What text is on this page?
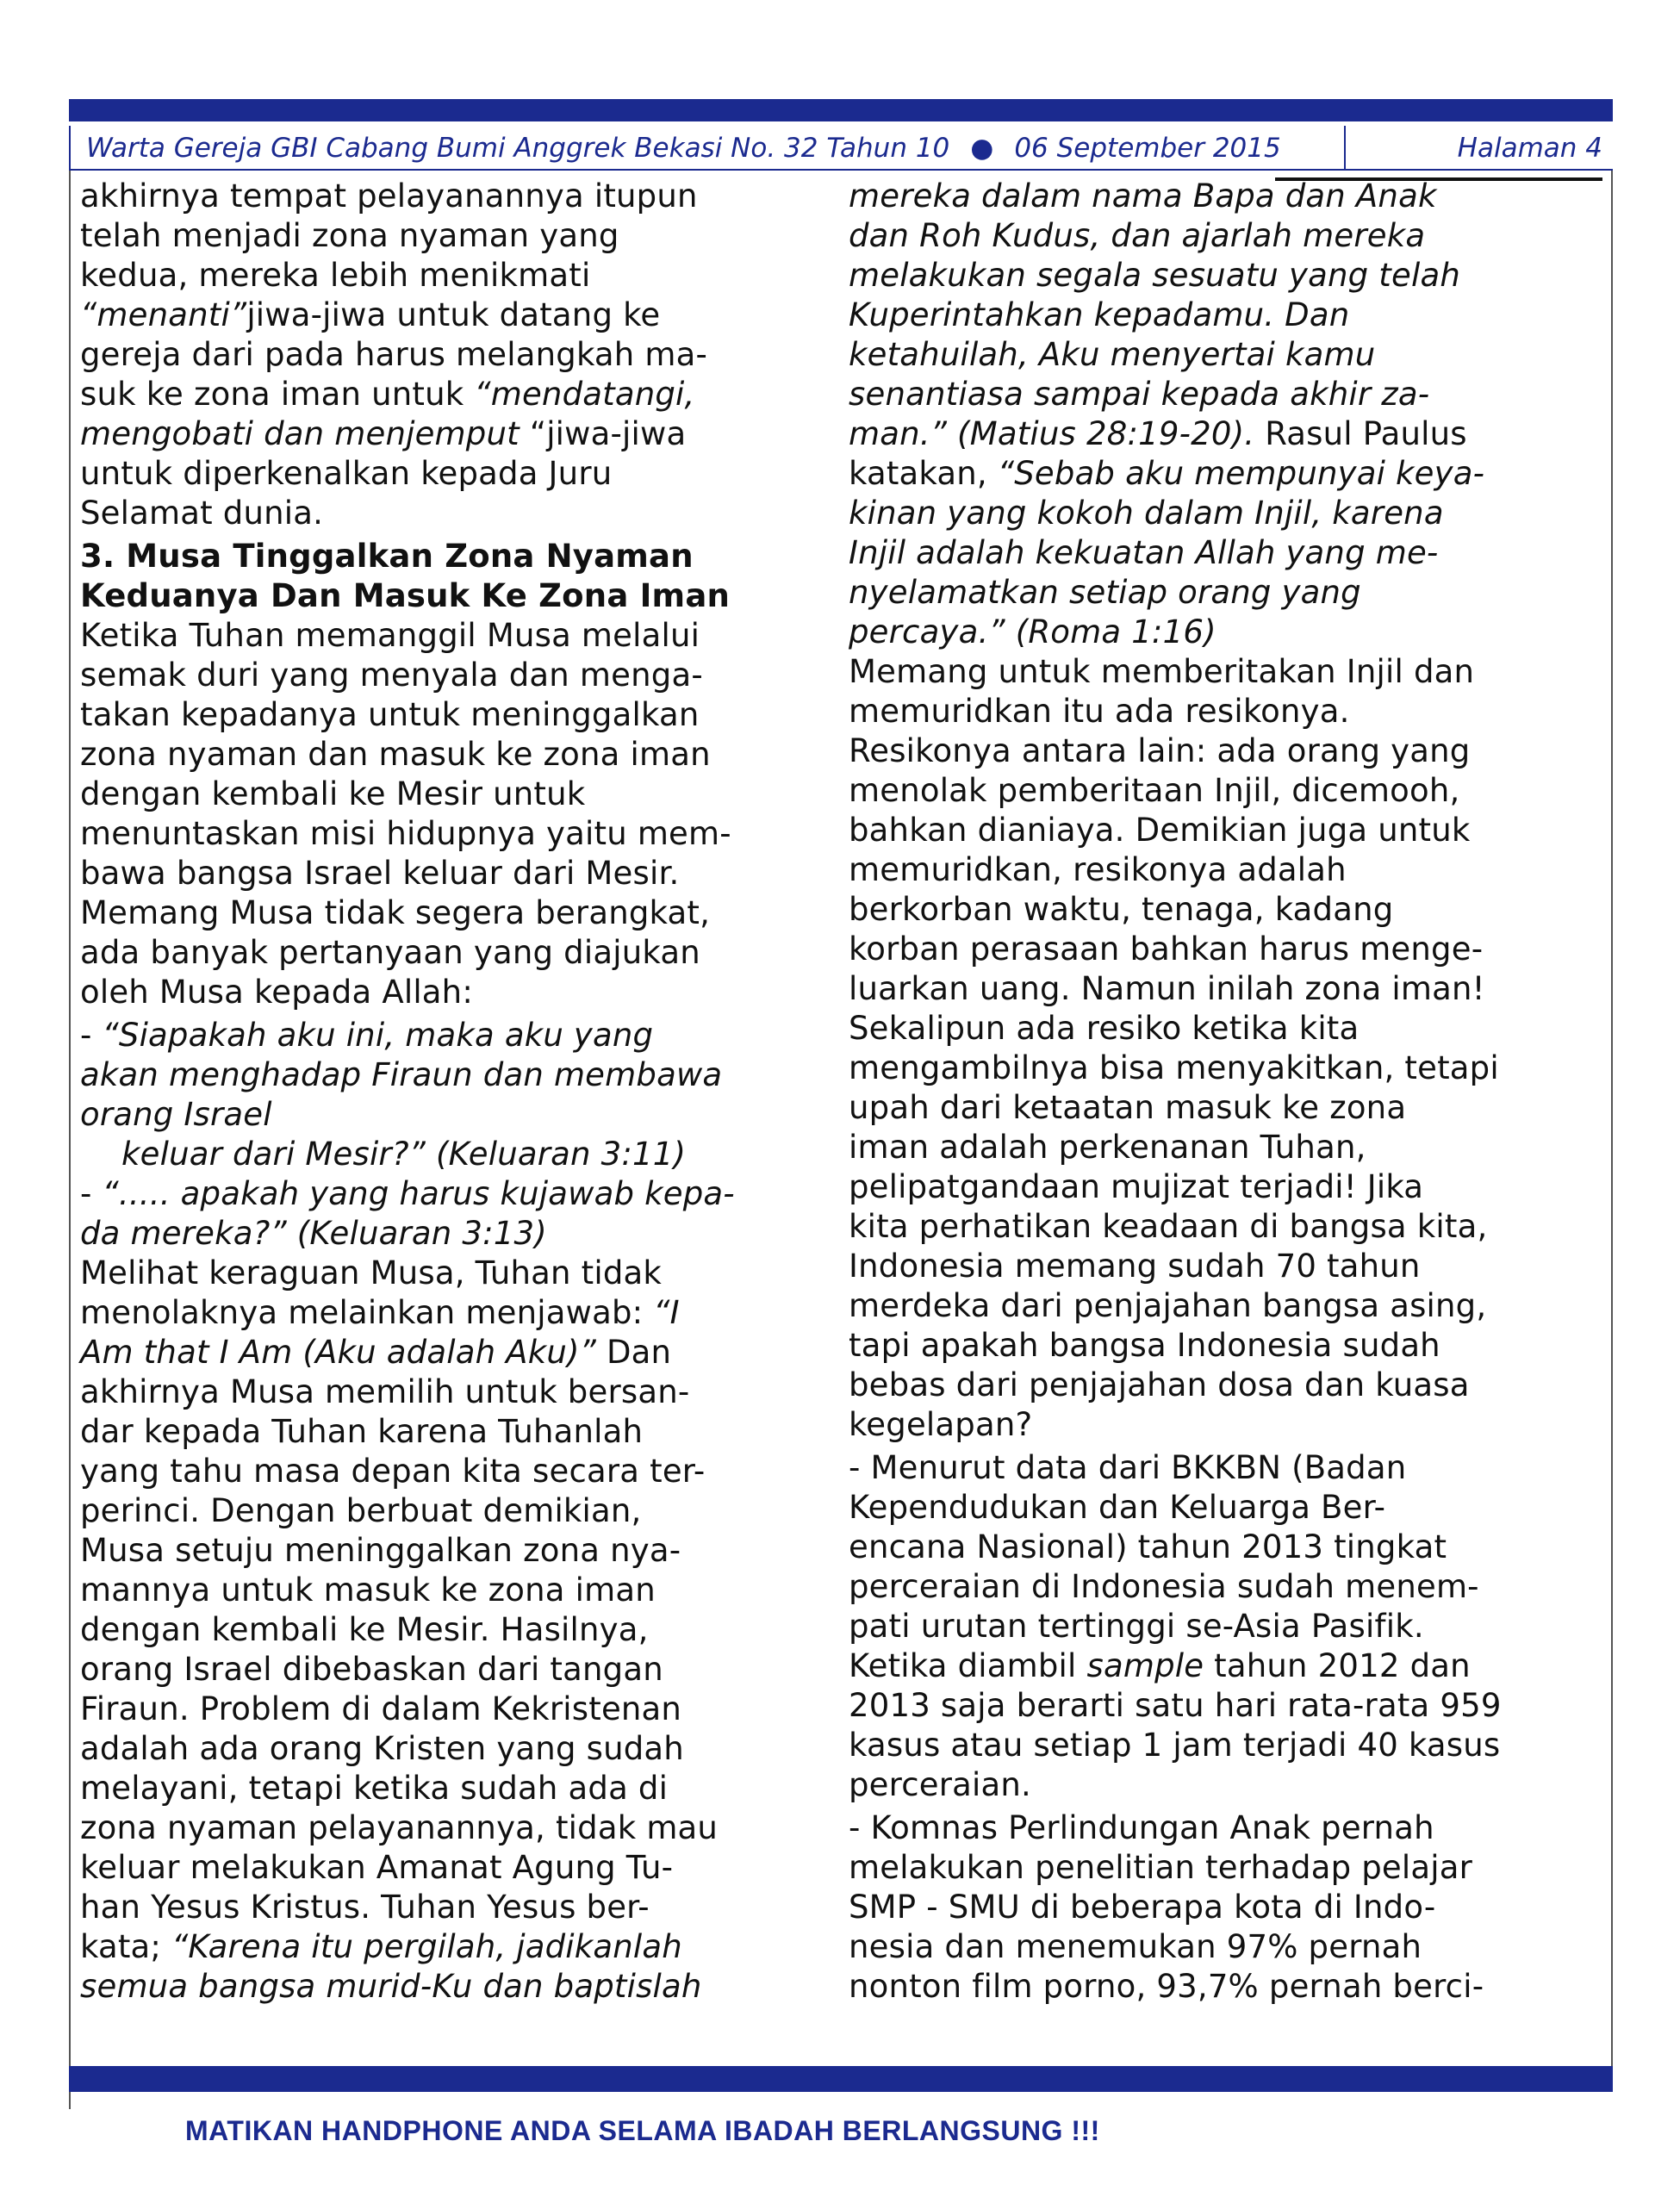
Warta Gereja GBI Cabang Bumi Anggrek Bekasi No. 32 Tahun 10 ● 06 September 2015	Halaman 4

akhirnya tempat pelayanannya itupun

telah menjadi zona nyaman yang

kedua, mereka lebih menikmati

“menanti”jiwa-jiwa untuk datang ke

gereja dari pada harus melangkah ma-

suk ke zona iman untuk “mendatangi,

mengobati dan menjemput “jiwa-jiwa

untuk diperkenalkan kepada Juru

Selamat dunia.

3. Musa Tinggalkan Zona Nyaman

Keduanya Dan Masuk Ke Zona Iman

Ketika Tuhan memanggil Musa melalui

semak duri yang menyala dan menga-

takan kepadanya untuk meninggalkan

zona nyaman dan masuk ke zona iman

dengan kembali ke Mesir untuk

menuntaskan misi hidupnya yaitu mem-

bawa bangsa Israel keluar dari Mesir.

Memang Musa tidak segera berangkat,

ada banyak pertanyaan yang diajukan

oleh Musa kepada Allah:

- “Siapakah aku ini, maka aku yang

akan menghadap Firaun dan membawa

orang Israel

keluar dari Mesir?” (Keluaran 3:11)

- “..... apakah yang harus kujawab kepa-

da mereka?” (Keluaran 3:13)

Melihat keraguan Musa, Tuhan tidak

menolaknya melainkan menjawab: “I

Am that I Am (Aku adalah Aku)” Dan

akhirnya Musa memilih untuk bersan-

dar kepada Tuhan karena Tuhanlah

yang tahu masa depan kita secara ter-

perinci. Dengan berbuat demikian,

Musa setuju meninggalkan zona nya-

mannya untuk masuk ke zona iman

dengan kembali ke Mesir. Hasilnya,

orang Israel dibebaskan dari tangan

Firaun. Problem di dalam Kekristenan

adalah ada orang Kristen yang sudah

melayani, tetapi ketika sudah ada di

zona nyaman pelayanannya, tidak mau

keluar melakukan Amanat Agung Tu-

han Yesus Kristus. Tuhan Yesus ber-

kata; “Karena itu pergilah, jadikanlah

semua bangsa murid-Ku dan baptislah

mereka dalam nama Bapa dan Anak

dan Roh Kudus, dan ajarlah mereka

melakukan segala sesuatu yang telah

Kuperintahkan kepadamu. Dan

ketahuilah, Aku menyertai kamu

senantiasa sampai kepada akhir za-

man.” (Matius 28:19-20). Rasul Paulus

katakan, “Sebab aku mempunyai keya-

kinan yang kokoh dalam Injil, karena

Injil adalah kekuatan Allah yang me-

nyelamatkan setiap orang yang

percaya.” (Roma 1:16)

Memang untuk memberitakan Injil dan

memuridkan itu ada resikonya.

Resikonya antara lain: ada orang yang

menolak pemberitaan Injil, dicemooh,

bahkan dianiaya. Demikian juga untuk

memuridkan, resikonya adalah

berkorban waktu, tenaga, kadang

korban perasaan bahkan harus menge-

luarkan uang. Namun inilah zona iman!

Sekalipun ada resiko ketika kita

mengambilnya bisa menyakitkan, tetapi

upah dari ketaatan masuk ke zona

iman adalah perkenanan Tuhan,

pelipatgandaan mujizat terjadi! Jika

kita perhatikan keadaan di bangsa kita,

Indonesia memang sudah 70 tahun

merdeka dari penjajahan bangsa asing,

tapi apakah bangsa Indonesia sudah

bebas dari penjajahan dosa dan kuasa

kegelapan?

- Menurut data dari BKKBN (Badan

Kependudukan dan Keluarga Ber-

encana Nasional) tahun 2013 tingkat

perceraian di Indonesia sudah menem-

pati urutan tertinggi se-Asia Pasifik.

Ketika diambil sample tahun 2012 dan

2013 saja berarti satu hari rata-rata 959

kasus atau setiap 1 jam terjadi 40 kasus

perceraian.

- Komnas Perlindungan Anak pernah

melakukan penelitian terhadap pelajar

SMP - SMU di beberapa kota di Indo-

nesia dan menemukan 97% pernah

nonton film porno, 93,7% pernah berci-

MATIKAN HANDPHONE ANDA SELAMA IBADAH BERLANGSUNG !!!
